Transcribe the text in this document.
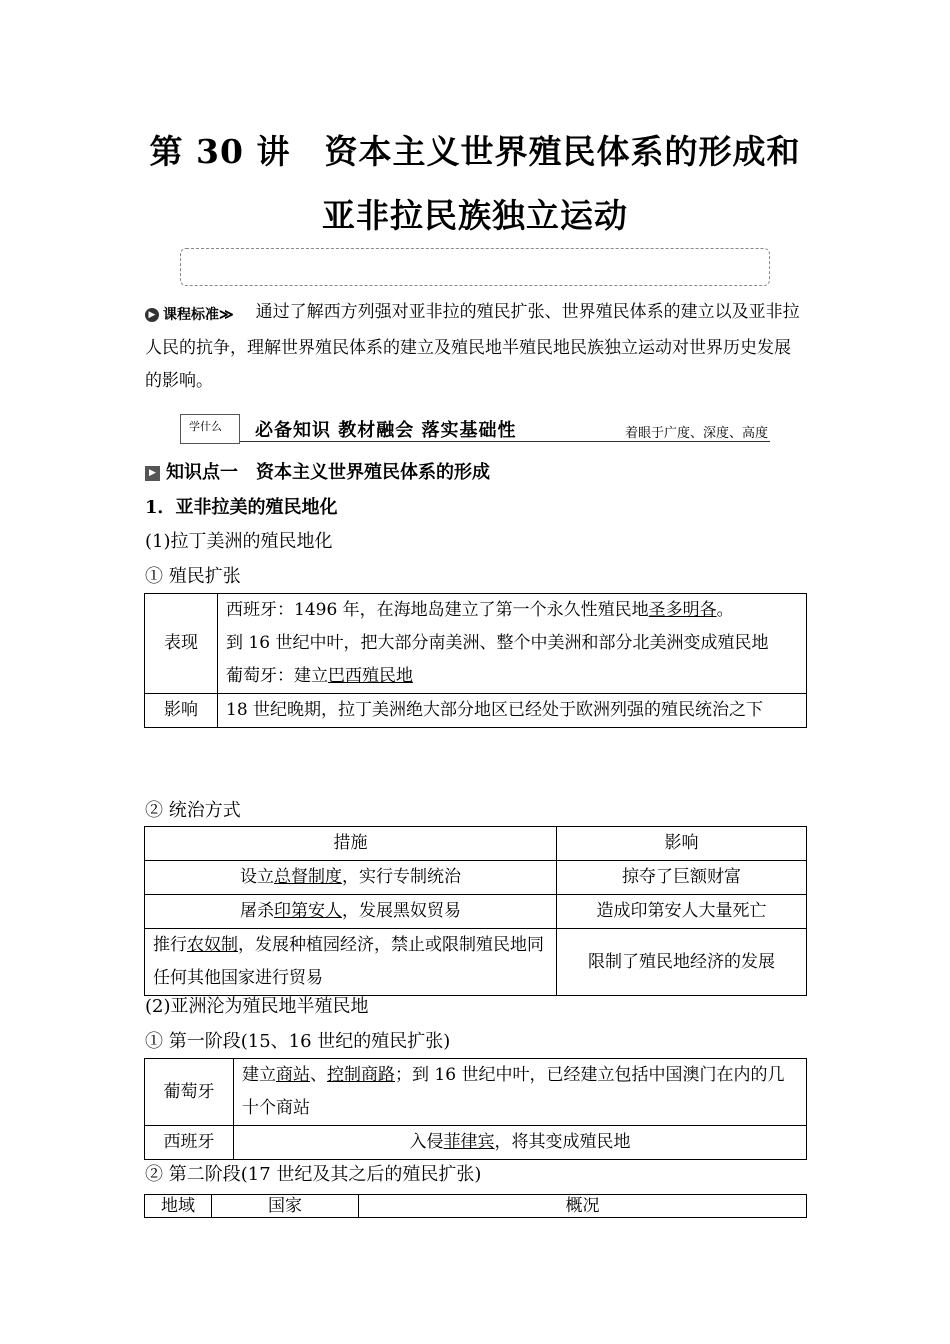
第 30 讲　资本主义世界殖民体系的形成和
亚非拉民族独立运动
▶ 课程标准 ≫ 通过了解西方列强对亚非拉的殖民扩张、世界殖民体系的建立以及亚非拉人民的抗争，理解世界殖民体系的建立及殖民地半殖民地民族独立运动对世界历史发展的影响。
学什么 必备知识 教材融会 落实基础性	着眼于广度、深度、高度
▶ 知识点一　资本主义世界殖民体系的形成
1．亚非拉美的殖民地化
(1)拉丁美洲的殖民地化
① 殖民扩张
表现	西班牙：1496 年，在海地岛建立了第一个永久性殖民地圣多明各。
到 16 世纪中叶，把大部分南美洲、整个中美洲和部分北美洲变成殖民地
葡萄牙：建立巴西殖民地

影响	18 世纪晚期，拉丁美洲绝大部分地区已经处于欧洲列强的殖民统治之下
② 统治方式
措施	影响
设立总督制度，实行专制统治	掠夺了巨额财富
屠杀印第安人，发展黑奴贸易	造成印第安人大量死亡
推行农奴制，发展种植园经济，禁止或限制殖民地同任何其他国家进行贸易	限制了殖民地经济的发展
(2)亚洲沦为殖民地半殖民地
① 第一阶段(15、16 世纪的殖民扩张)
葡萄牙	建立商站、控制商路；到 16 世纪中叶，已经建立包括中国澳门在内的几十个商站
西班牙	入侵菲律宾，将其变成殖民地
② 第二阶段(17 世纪及其之后的殖民扩张)
地域	国家	概况
